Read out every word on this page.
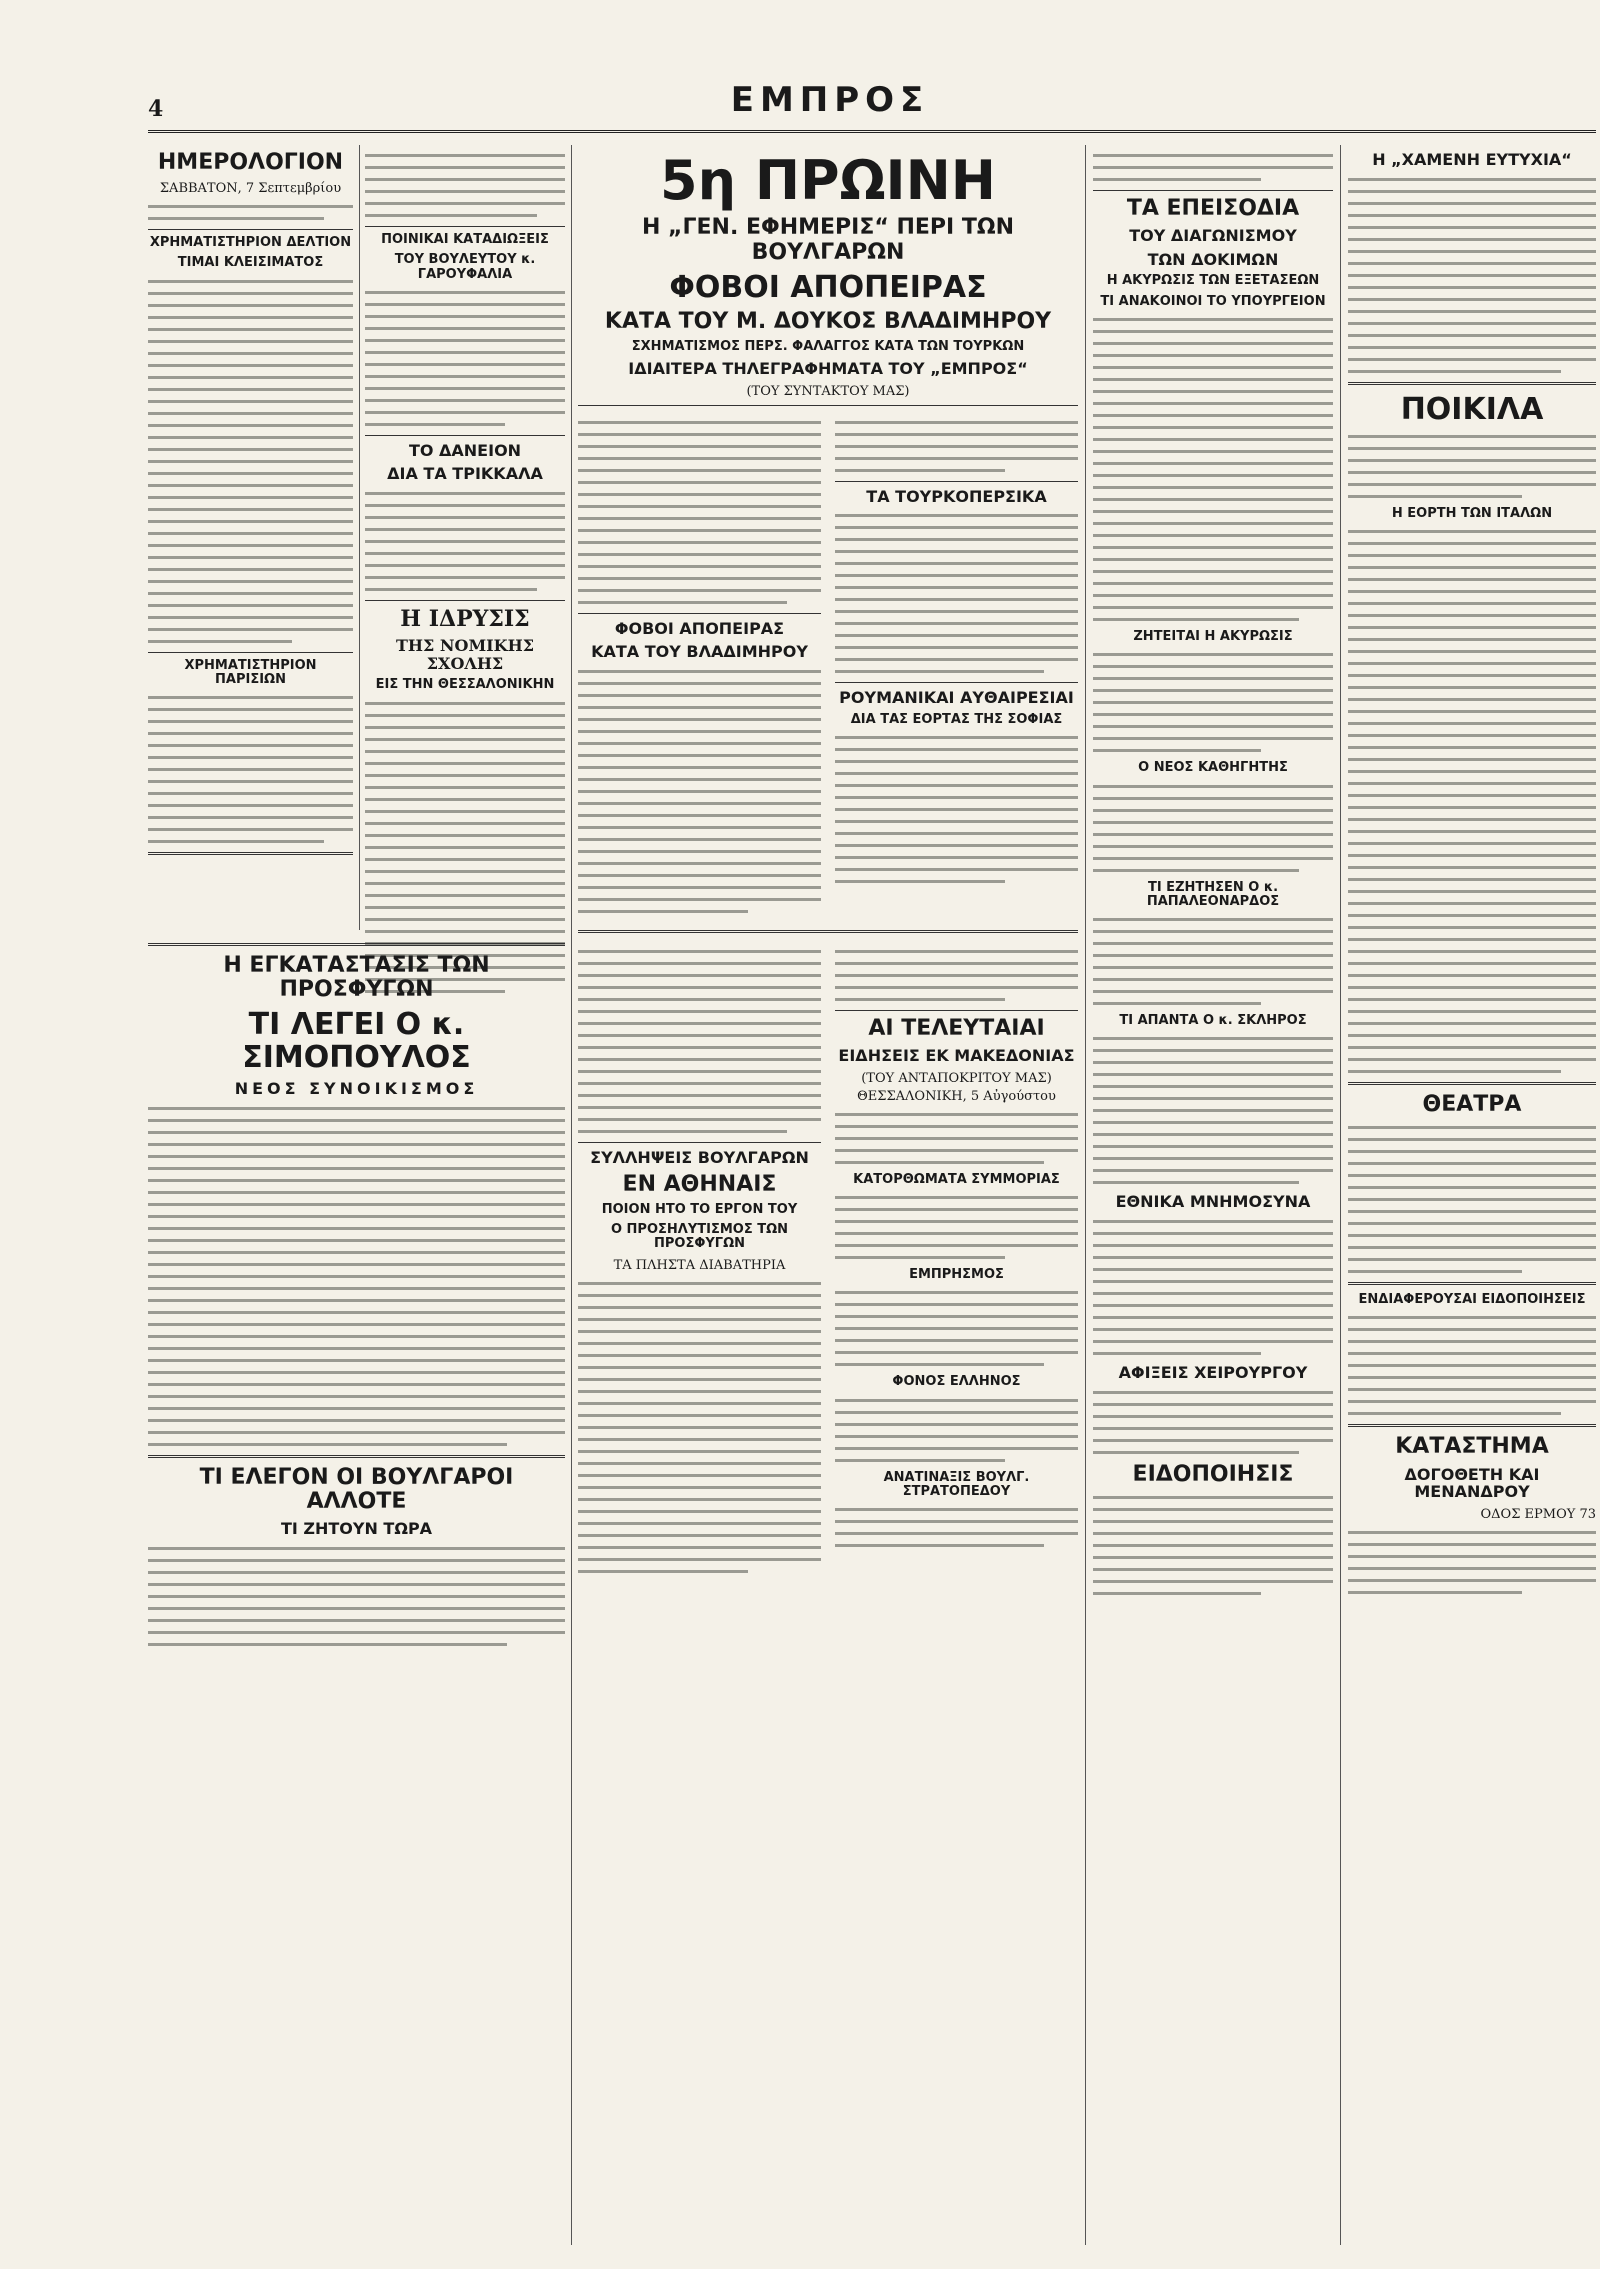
4	ΕΜΠΡΟΣ
ΗΜΕΡΟΛΟΓΙΟΝ
ΣΑΒΒΑΤΟΝ, 7 Σεπτεμβρίου
ΧΡΗΜΑΤΙΣΤΗΡΙΟΝ ΔΕΛΤΙΟΝ
ΤΙΜΑΙ ΚΛΕΙΣΙΜΑΤΟΣ
ΧΡΗΜΑΤΙΣΤΗΡΙΟΝ ΠΑΡΙΣΙΩΝ
ΠΟΙΝΙΚΑΙ ΚΑΤΑΔΙΩΞΕΙΣ
ΤΟΥ ΒΟΥΛΕΥΤΟΥ κ. ΓΑΡΟΥΦΑΛΙΑ
ΤΟ ΔΑΝΕΙΟΝ
ΔΙΑ ΤΑ ΤΡΙΚΚΑΛΑ
Η ΙΔΡΥΣΙΣ
ΤΗΣ ΝΟΜΙΚΗΣ ΣΧΟΛΗΣ
ΕΙΣ ΤΗΝ ΘΕΣΣΑΛΟΝΙΚΗΝ
Η ΕΓΚΑΤΑΣΤΑΣΙΣ ΤΩΝ ΠΡΟΣΦΥΓΩΝ
ΤΙ ΛΕΓΕΙ Ο κ. ΣΙΜΟΠΟΥΛΟΣ
ΝΕΟΣ ΣΥΝΟΙΚΙΣΜΟΣ
ΤΙ ΕΛΕΓΟΝ ΟΙ ΒΟΥΛΓΑΡΟΙ ΑΛΛΟΤΕ
ΤΙ ΖΗΤΟΥΝ ΤΩΡΑ
5η ΠΡΩΙΝΗ
Η „ΓΕΝ. ΕΦΗΜΕΡΙΣ“ ΠΕΡΙ ΤΩΝ ΒΟΥΛΓΑΡΩΝ
ΦΟΒΟΙ ΑΠΟΠΕΙΡΑΣ
ΚΑΤΑ ΤΟΥ Μ. ΔΟΥΚΟΣ ΒΛΑΔΙΜΗΡΟΥ
ΣΧΗΜΑΤΙΣΜΟΣ ΠΕΡΣ. ΦΑΛΑΓΓΟΣ ΚΑΤΑ ΤΩΝ ΤΟΥΡΚΩΝ
ΙΔΙΑΙΤΕΡΑ ΤΗΛΕΓΡΑΦΗΜΑΤΑ ΤΟΥ „ΕΜΠΡΟΣ“
(ΤΟΥ ΣΥΝΤΑΚΤΟΥ ΜΑΣ)
ΦΟΒΟΙ ΑΠΟΠΕΙΡΑΣ
ΚΑΤΑ ΤΟΥ ΒΛΑΔΙΜΗΡΟΥ
ΤΑ ΤΟΥΡΚΟΠΕΡΣΙΚΑ
ΡΟΥΜΑΝΙΚΑΙ ΑΥΘΑΙΡΕΣΙΑΙ
ΔΙΑ ΤΑΣ ΕΟΡΤΑΣ ΤΗΣ ΣΟΦΙΑΣ
ΣΥΛΛΗΨΕΙΣ ΒΟΥΛΓΑΡΩΝ
ΕΝ ΑΘΗΝΑΙΣ
ΠΟΙΟΝ ΗΤΟ ΤΟ ΕΡΓΟΝ ΤΟΥ
Ο ΠΡΟΣΗΛΥΤΙΣΜΟΣ ΤΩΝ ΠΡΟΣΦΥΓΩΝ
ΤΑ ΠΛΗΣΤΑ ΔΙΑΒΑΤΗΡΙΑ
ΑΙ ΤΕΛΕΥΤΑΙΑΙ
ΕΙΔΗΣΕΙΣ ΕΚ ΜΑΚΕΔΟΝΙΑΣ
(ΤΟΥ ΑΝΤΑΠΟΚΡΙΤΟΥ ΜΑΣ)
ΘΕΣΣΑΛΟΝΙΚΗ, 5 Αὐγούστου
ΚΑΤΟΡΘΩΜΑΤΑ ΣΥΜΜΟΡΙΑΣ
ΕΜΠΡΗΣΜΟΣ
ΦΟΝΟΣ ΕΛΛΗΝΟΣ
ΑΝΑΤΙΝΑΞΙΣ ΒΟΥΛΓ. ΣΤΡΑΤΟΠΕΔΟΥ
ΤΑ ΕΠΕΙΣΟΔΙΑ
ΤΟΥ ΔΙΑΓΩΝΙΣΜΟΥ
ΤΩΝ ΔΟΚΙΜΩΝ
Η ΑΚΥΡΩΣΙΣ ΤΩΝ ΕΞΕΤΑΣΕΩΝ
ΤΙ ΑΝΑΚΟΙΝΟΙ ΤΟ ΥΠΟΥΡΓΕΙΟΝ
ΖΗΤΕΙΤΑΙ Η ΑΚΥΡΩΣΙΣ
Ο ΝΕΟΣ ΚΑΘΗΓΗΤΗΣ
ΤΙ ΕΖΗΤΗΣΕΝ Ο κ. ΠΑΠΑΛΕΟΝΑΡΔΟΣ
ΤΙ ΑΠΑΝΤΑ Ο κ. ΣΚΛΗΡΟΣ
ΕΘΝΙΚΑ ΜΝΗΜΟΣΥΝΑ
ΑΦΙΞΕΙΣ ΧΕΙΡΟΥΡΓΟΥ
ΕΙΔΟΠΟΙΗΣΙΣ
Η „ΧΑΜΕΝΗ ΕΥΤΥΧΙΑ“
ΠΟΙΚΙΛΑ
Η ΕΟΡΤΗ ΤΩΝ ΙΤΑΛΩΝ
ΘΕΑΤΡΑ
ΕΝΔΙΑΦΕΡΟΥΣΑΙ ΕΙΔΟΠΟΙΗΣΕΙΣ
ΚΑΤΑΣΤΗΜΑ
ΔΟΓΟΘΕΤΗ ΚΑΙ ΜΕΝΑΝΔΡΟΥ
ΟΔΟΣ ΕΡΜΟΥ 73
